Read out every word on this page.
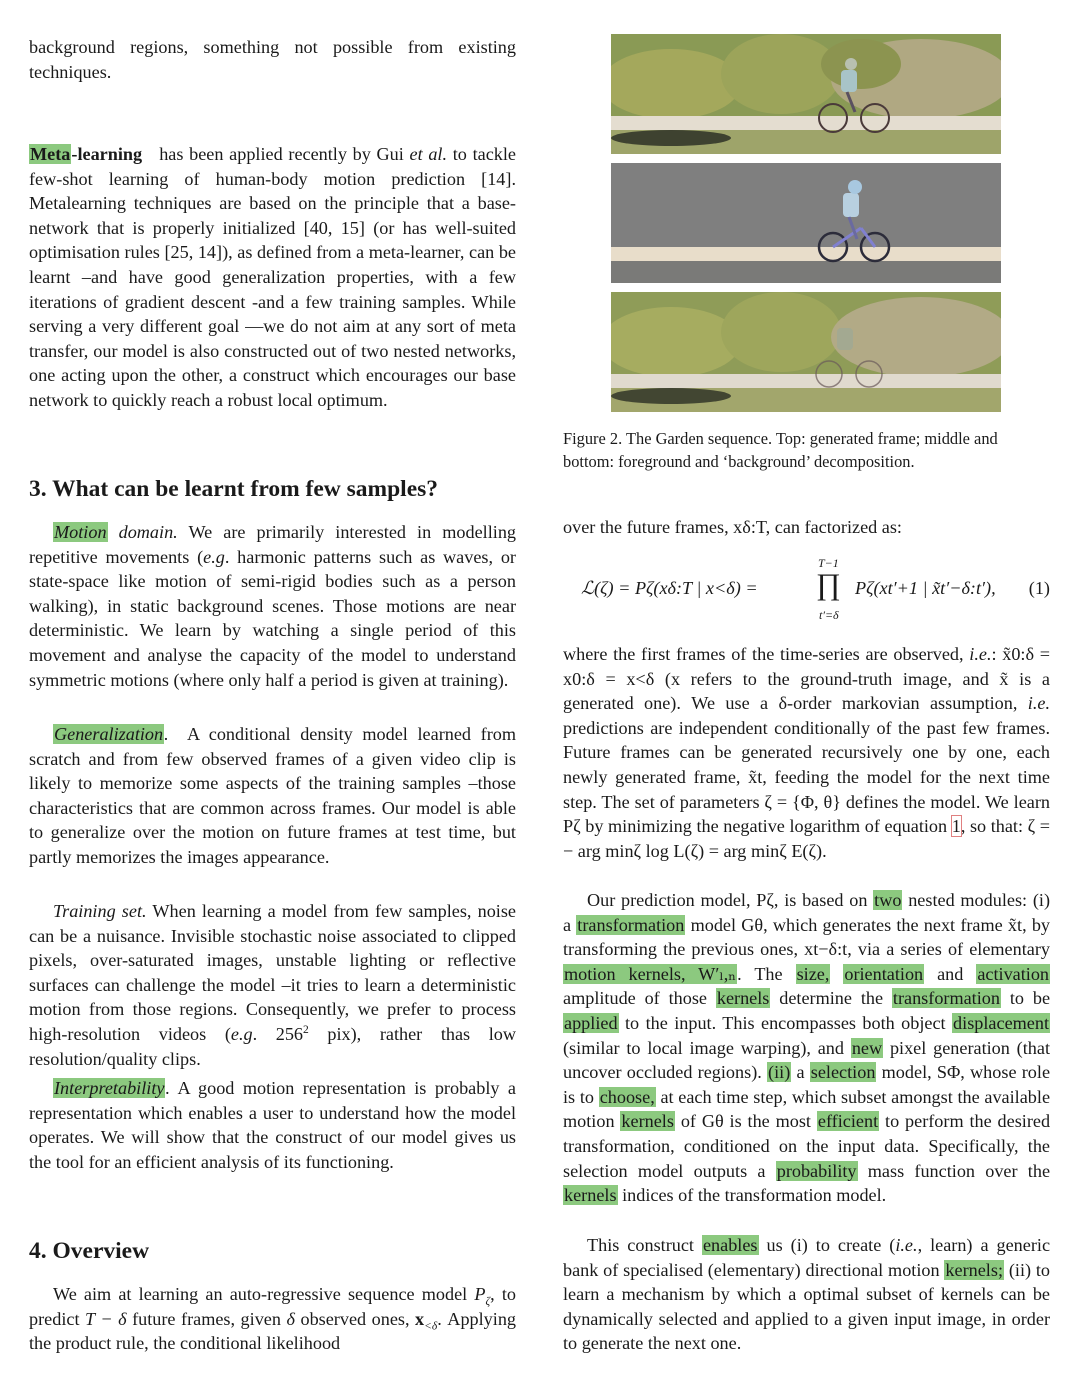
background regions, something not possible from existing techniques.

Meta-learning has been applied recently by Gui et al. to tackle few-shot learning of human-body motion prediction [14]. Metalearning techniques are based on the principle that a base-network that is properly initialized [40, 15] (or has well-suited optimisation rules [25, 14]), as defined from a meta-learner, can be learnt –and have good generalization properties, with a few iterations of gradient descent -and a few training samples. While serving a very different goal —we do not aim at any sort of meta transfer, our model is also constructed out of two nested networks, one acting upon the other, a construct which encourages our base network to quickly reach a robust local optimum.

3. What can be learnt from few samples?

Motion domain. We are primarily interested in modelling repetitive movements (e.g. harmonic patterns such as waves, or state-space like motion of semi-rigid bodies such as a person walking), in static background scenes. Those motions are near deterministic. We learn by watching a single period of this movement and analyse the capacity of the model to understand symmetric motions (where only half a period is given at training).

Generalization. A conditional density model learned from scratch and from few observed frames of a given video clip is likely to memorize some aspects of the training samples –those characteristics that are common across frames. Our model is able to generalize over the motion on future frames at test time, but partly memorizes the images appearance.

Training set. When learning a model from few samples, noise can be a nuisance. Invisible stochastic noise associated to clipped pixels, over-saturated images, unstable lighting or reflective surfaces can challenge the model –it tries to learn a deterministic motion from those regions. Consequently, we prefer to process high-resolution videos (e.g. $256^2$ pix), rather thas low resolution/quality clips.

Interpretability. A good motion representation is probably a representation which enables a user to understand how the model operates. We will show that the construct of our model gives us the tool for an efficient analysis of its functioning.

4. Overview

We aim at learning an auto-regressive sequence model $P_\zeta$, to predict T − δ future frames, given δ observed ones, $x_{<\delta}$. Applying the product rule, the conditional likelihood

Figure 2. The Garden sequence. Top: generated frame; middle and bottom: foreground and ‘background’ decomposition.

over the future frames, xδ:T, can factorized as:

ℒ(ζ) = Pζ(xδ:T | x<δ) =
T−1
∏
t′=δ
Pζ(xt′+1 | x̃t′−δ:t′), (1)

where the first frames of the time-series are observed, i.e.: x̃0:δ = x0:δ = x<δ (x refers to the ground-truth image, and x̃ is a generated one). We use a δ-order markovian assumption, i.e. predictions are independent conditionally of the past few frames. Future frames can be generated recursively one by one, each newly generated frame, x̃t, feeding the model for the next time step. The set of parameters ζ = {Φ, θ} defines the model. We learn Pζ by minimizing the negative logarithm of equation 1, so that: ζ = − arg minζ log L(ζ) = arg minζ E(ζ).

Our prediction model, Pζ, is based on two nested modules: (i) a transformation model Gθ, which generates the next frame x̃t, by transforming the previous ones, xt−δ:t, via a series of elementary motion kernels, W′ₗ,ₙ. The size, orientation and activation amplitude of those kernels determine the transformation to be applied to the input. This encompasses both object displacement (similar to local image warping), and new pixel generation (that uncover occluded regions). (ii) a selection model, SΦ, whose role is to choose, at each time step, which subset amongst the available motion kernels of Gθ is the most efficient to perform the desired transformation, conditioned on the input data. Specifically, the selection model outputs a probability mass function over the kernels indices of the transformation model.

This construct enables us (i) to create (i.e., learn) a generic bank of specialised (elementary) directional motion kernels; (ii) to learn a mechanism by which a optimal subset of kernels can be dynamically selected and applied to a given input image, in order to generate the next one.
